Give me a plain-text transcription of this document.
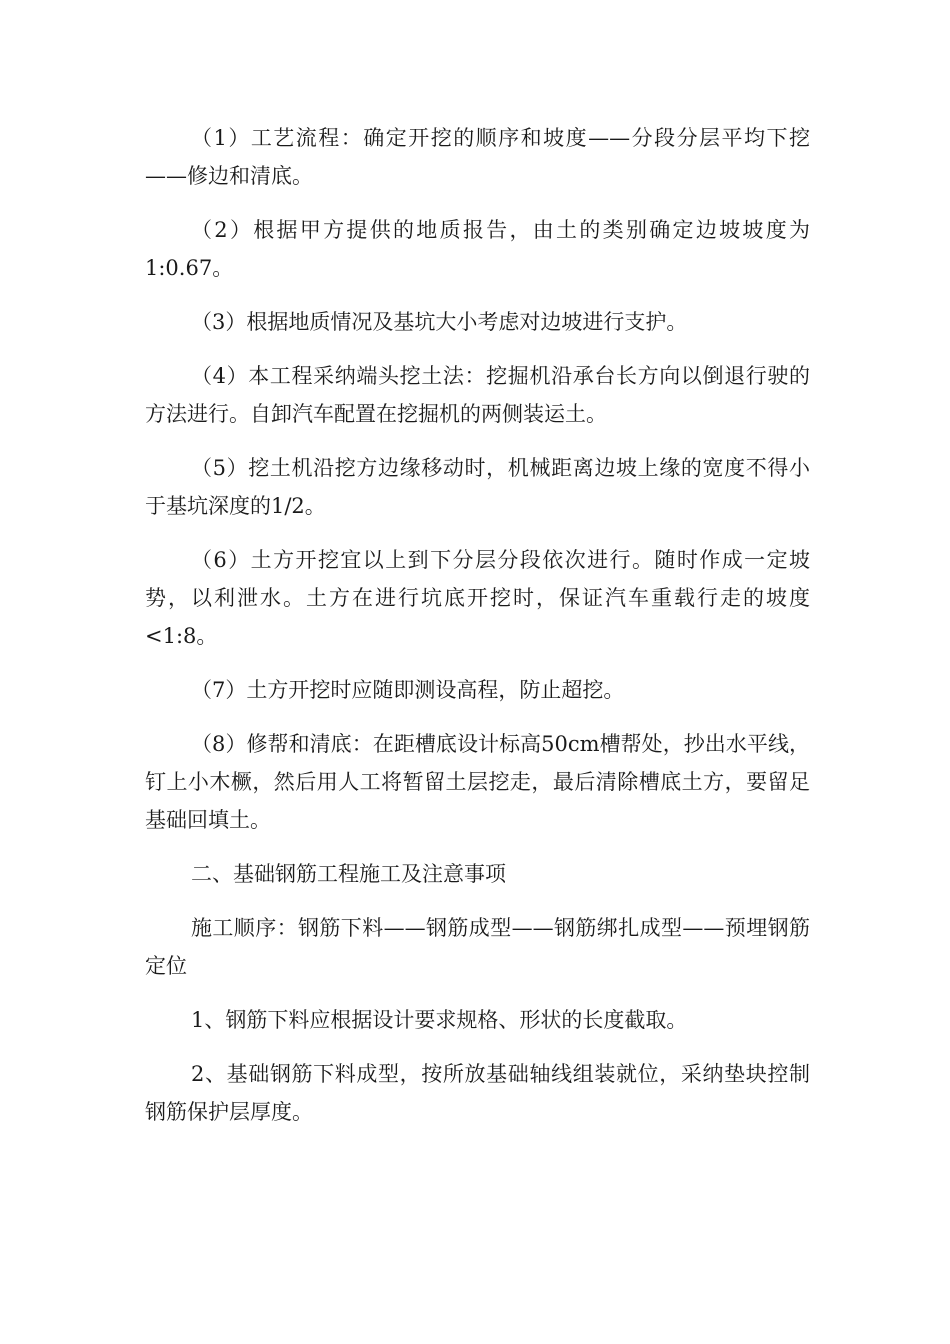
（1）工艺流程：确定开挖的顺序和坡度——分段分层平均下挖——修边和清底。

（2）根据甲方提供的地质报告，由土的类别确定边坡坡度为1:0.67。

（3）根据地质情况及基坑大小考虑对边坡进行支护。

（4）本工程采纳端头挖土法：挖掘机沿承台长方向以倒退行驶的方法进行。自卸汽车配置在挖掘机的两侧装运土。

（5）挖土机沿挖方边缘移动时，机械距离边坡上缘的宽度不得小于基坑深度的1/2。

（6）土方开挖宜以上到下分层分段依次进行。随时作成一定坡势，以利泄水。土方在进行坑底开挖时，保证汽车重载行走的坡度<1:8。

（7）土方开挖时应随即测设高程，防止超挖。

（8）修帮和清底：在距槽底设计标高50cm槽帮处，抄出水平线，钉上小木橛，然后用人工将暂留土层挖走，最后清除槽底土方，要留足基础回填土。

二、基础钢筋工程施工及注意事项

施工顺序：钢筋下料——钢筋成型——钢筋绑扎成型——预埋钢筋定位

1、钢筋下料应根据设计要求规格、形状的长度截取。

2、基础钢筋下料成型，按所放基础轴线组装就位，采纳垫块控制钢筋保护层厚度。
